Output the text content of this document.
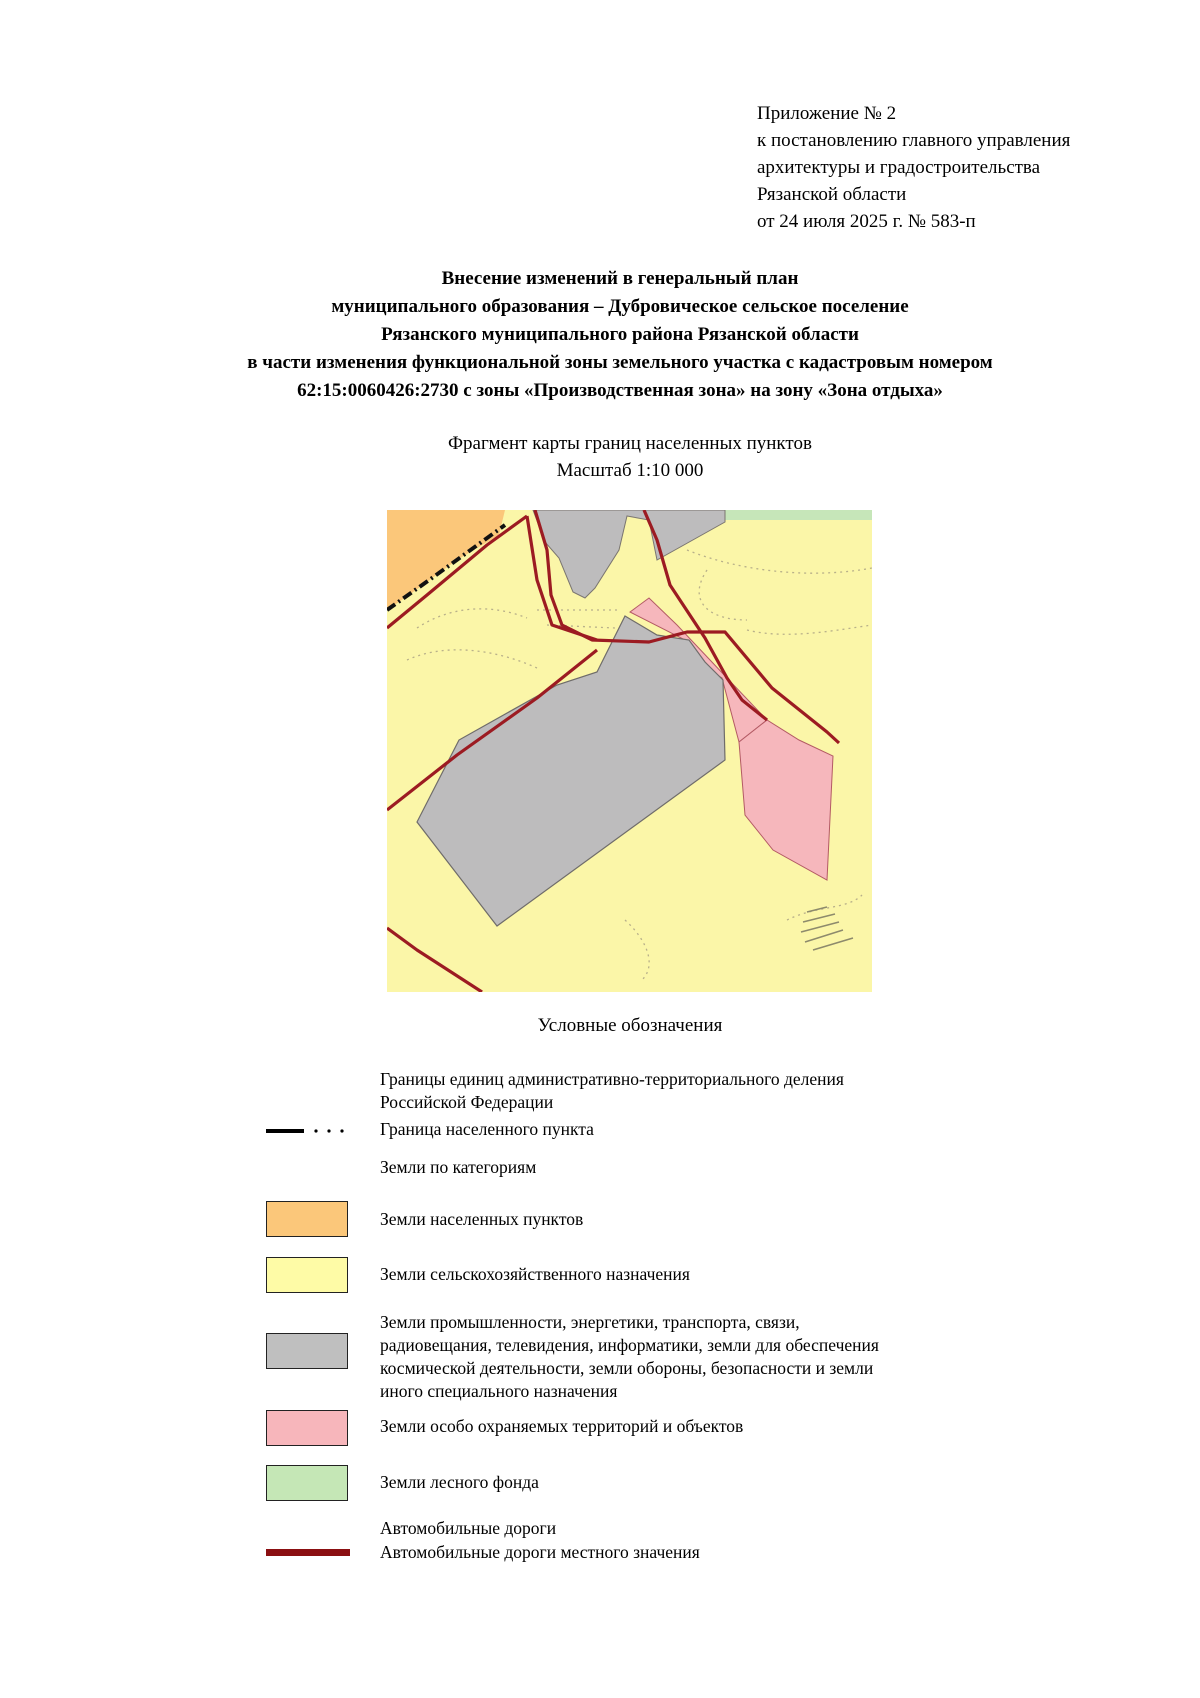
Приложение № 2
к постановлению главного управления
архитектуры и градостроительства
Рязанской области
от 24 июля 2025 г. № 583-п
Внесение изменений в генеральный план
муниципального образования – Дубровическое сельское поселение
Рязанского муниципального района Рязанской области
в части изменения функциональной зоны земельного участка с кадастровым номером
62:15:0060426:2730 с зоны «Производственная зона» на зону «Зона отдыха»
Фрагмент карты границ населенных пунктов
Масштаб 1:10 000
Условные обозначения
Границы единиц административно-территориального деления
Российской Федерации
Граница населенного пункта
Земли по категориям
Земли населенных пунктов
Земли сельскохозяйственного назначения
Земли промышленности, энергетики, транспорта, связи,
радиовещания, телевидения, информатики, земли для обеспечения
космической деятельности, земли обороны, безопасности и земли
иного специального назначения
Земли особо охраняемых территорий и объектов
Земли лесного фонда
Автомобильные дороги
Автомобильные дороги местного значения
